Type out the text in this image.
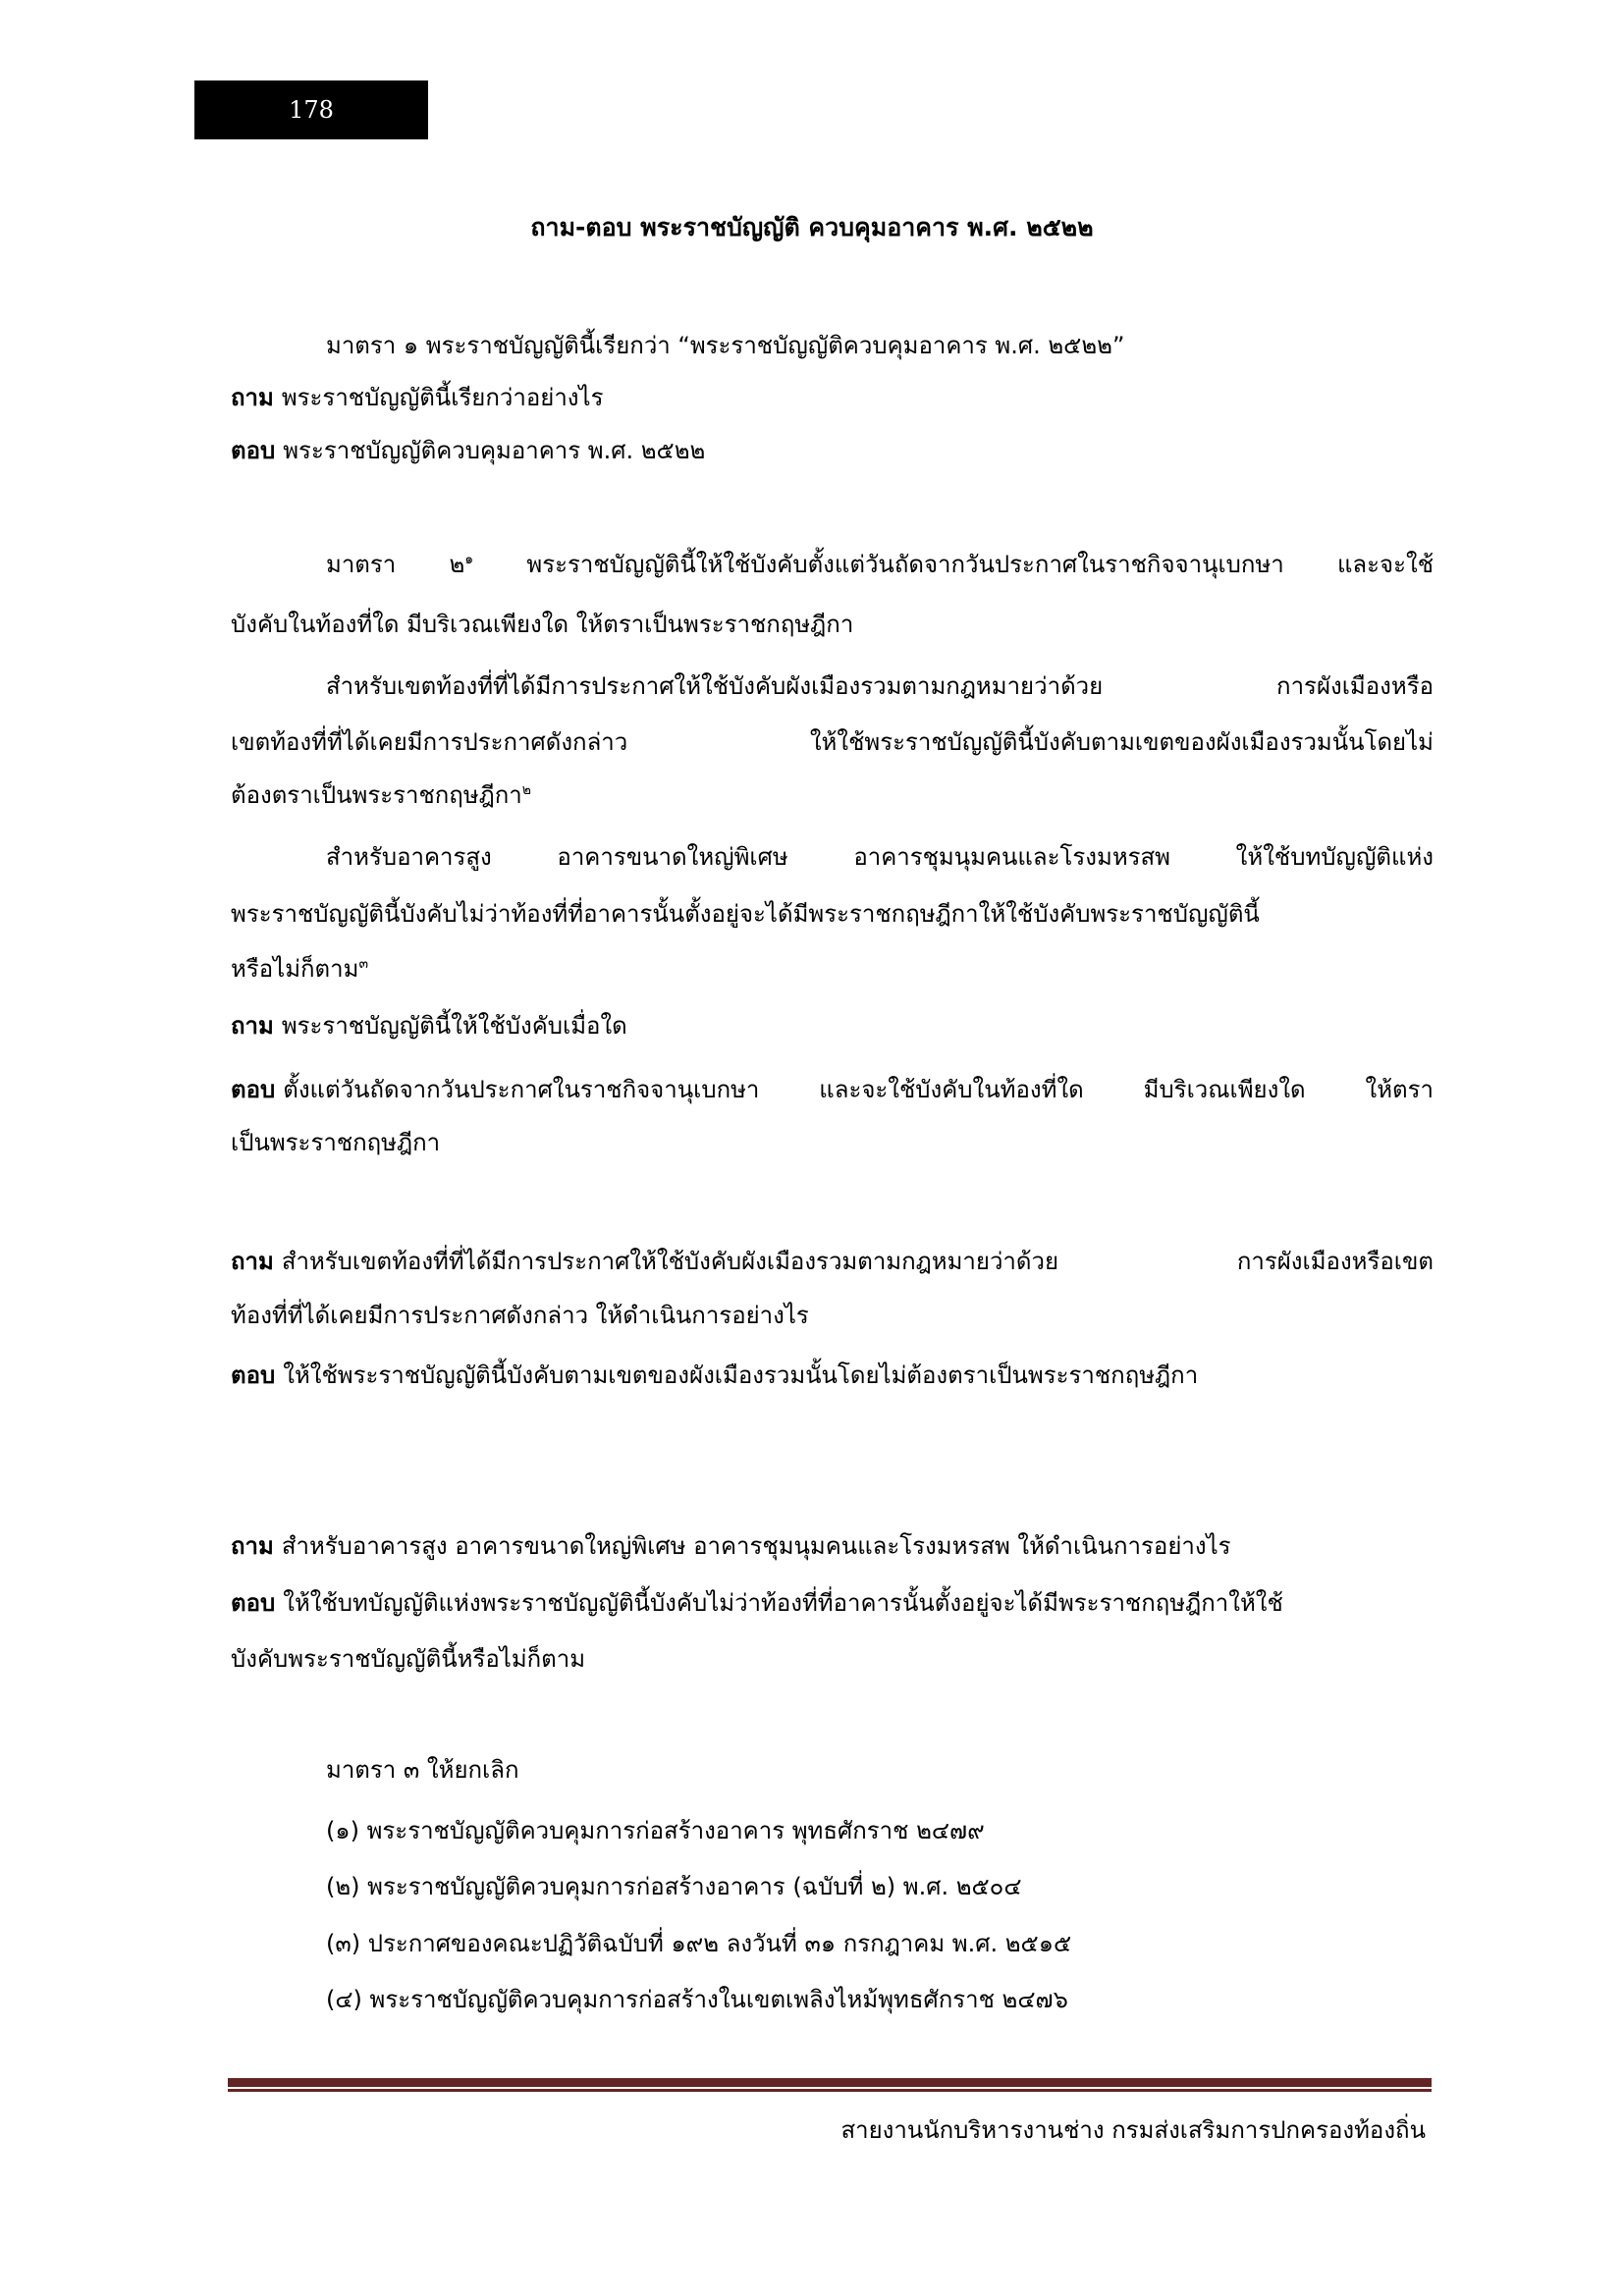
178
ถาม-ตอบ พระราชบัญญัติ ควบคุมอาคาร พ.ศ. ๒๕๒๒
มาตรา ๑ พระราชบัญญัตินี้เรียกว่า “พระราชบัญญัติควบคุมอาคาร พ.ศ. ๒๕๒๒”
ถาม พระราชบัญญัตินี้เรียกว่าอย่างไร
ตอบ พระราชบัญญัติควบคุมอาคาร พ.ศ. ๒๕๒๒
มาตรา ๒$^๑$ พระราชบัญญัตินี้ให้ใช้บังคับตั้งแต่วันถัดจากวันประกาศในราชกิจจานุเบกษา และจะใช้
บังคับในท้องที่ใด มีบริเวณเพียงใด ให้ตราเป็นพระราชกฤษฎีกา
สำหรับเขตท้องที่ที่ได้มีการประกาศให้ใช้บังคับผังเมืองรวมตามกฎหมายว่าด้วย การผังเมืองหรือ
เขตท้องที่ที่ได้เคยมีการประกาศดังกล่าว ให้ใช้พระราชบัญญัตินี้บังคับตามเขตของผังเมืองรวมนั้นโดยไม่
ต้องตราเป็นพระราชกฤษฎีกา$^๒$
สำหรับอาคารสูง อาคารขนาดใหญ่พิเศษ อาคารชุมนุมคนและโรงมหรสพ ให้ใช้บทบัญญัติแห่ง
พระราชบัญญัตินี้บังคับไม่ว่าท้องที่ที่อาคารนั้นตั้งอยู่จะได้มีพระราชกฤษฎีกาให้ใช้บังคับพระราชบัญญัตินี้
หรือไม่ก็ตาม$^๓$
ถาม พระราชบัญญัตินี้ให้ใช้บังคับเมื่อใด
ตอบ ตั้งแต่วันถัดจากวันประกาศในราชกิจจานุเบกษา และจะใช้บังคับในท้องที่ใด มีบริเวณเพียงใด ให้ตรา
เป็นพระราชกฤษฎีกา
ถาม สำหรับเขตท้องที่ที่ได้มีการประกาศให้ใช้บังคับผังเมืองรวมตามกฎหมายว่าด้วย การผังเมืองหรือเขต
ท้องที่ที่ได้เคยมีการประกาศดังกล่าว ให้ดำเนินการอย่างไร
ตอบ ให้ใช้พระราชบัญญัตินี้บังคับตามเขตของผังเมืองรวมนั้นโดยไม่ต้องตราเป็นพระราชกฤษฎีกา
ถาม สำหรับอาคารสูง อาคารขนาดใหญ่พิเศษ อาคารชุมนุมคนและโรงมหรสพ ให้ดำเนินการอย่างไร
ตอบ ให้ใช้บทบัญญัติแห่งพระราชบัญญัตินี้บังคับไม่ว่าท้องที่ที่อาคารนั้นตั้งอยู่จะได้มีพระราชกฤษฎีกาให้ใช้
บังคับพระราชบัญญัตินี้หรือไม่ก็ตาม
มาตรา ๓ ให้ยกเลิก
(๑) พระราชบัญญัติควบคุมการก่อสร้างอาคาร พุทธศักราช ๒๔๗๙
(๒) พระราชบัญญัติควบคุมการก่อสร้างอาคาร (ฉบับที่ ๒) พ.ศ. ๒๕๐๔
(๓) ประกาศของคณะปฏิวัติฉบับที่ ๑๙๒ ลงวันที่ ๓๑ กรกฎาคม พ.ศ. ๒๕๑๕
(๔) พระราชบัญญัติควบคุมการก่อสร้างในเขตเพลิงไหม้พุทธศักราช ๒๔๗๖
สายงานนักบริหารงานช่าง กรมส่งเสริมการปกครองท้องถิ่น
